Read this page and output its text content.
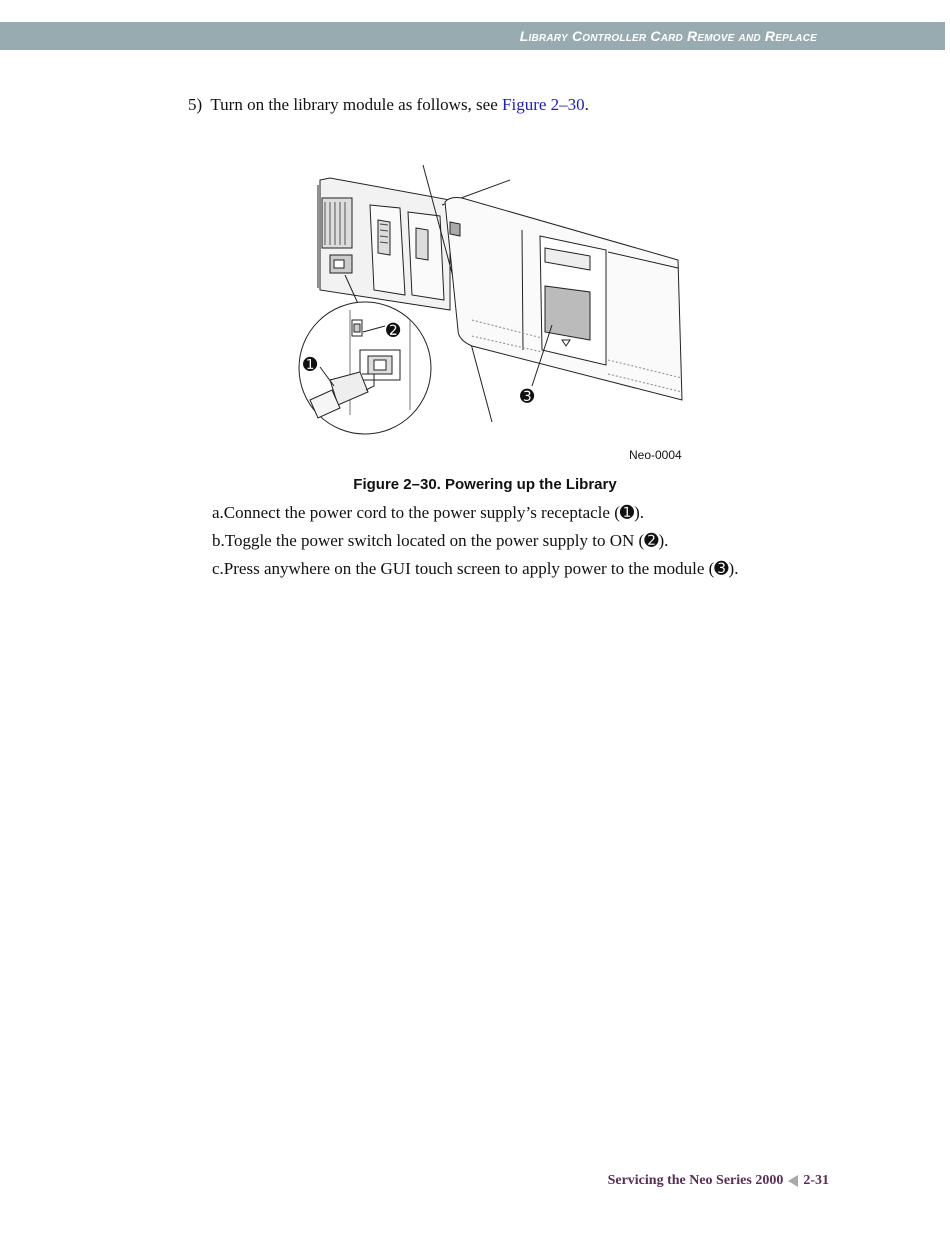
Library Controller Card Remove and Replace
5) Turn on the library module as follows, see Figure 2–30.
➊
➋
➌
Neo-0004
Figure 2–30. Powering up the Library
a.Connect the power cord to the power supply’s receptacle (➊).
b.Toggle the power switch located on the power supply to ON (➋).
c.Press anywhere on the GUI touch screen to apply power to the module (➌).
Servicing the Neo Series 2000 2-31
